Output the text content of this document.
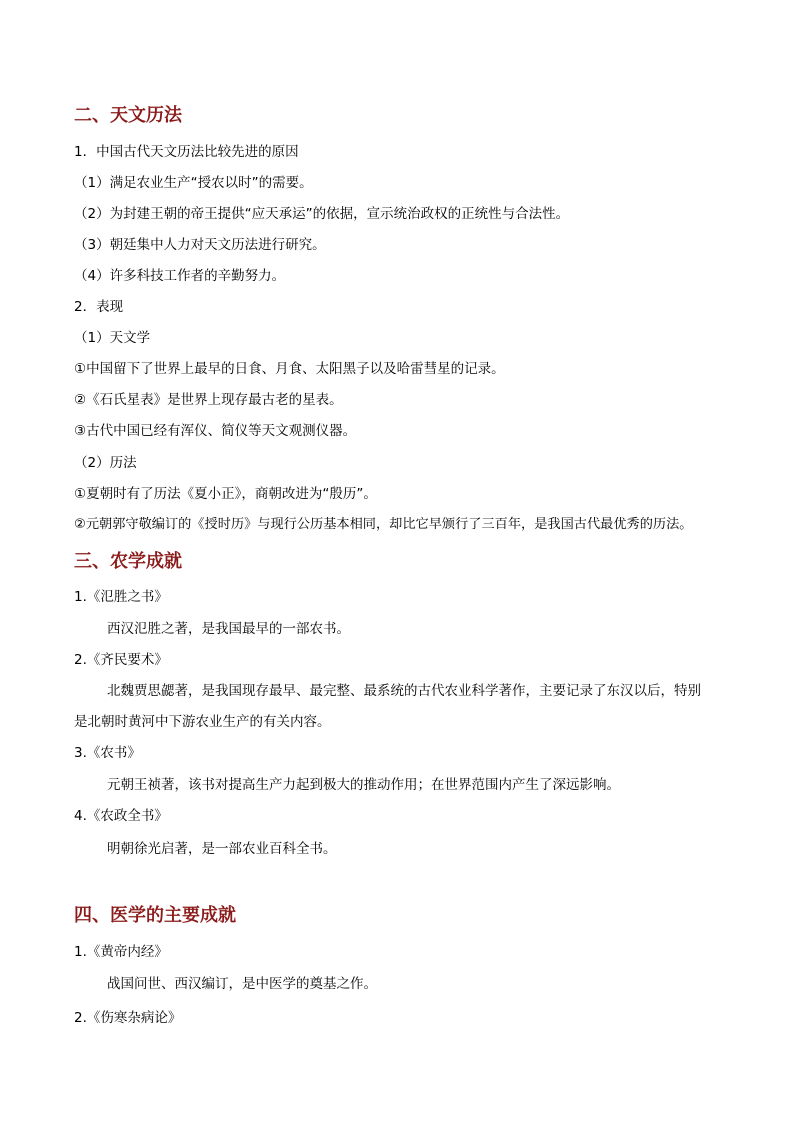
二、天文历法
1．中国古代天文历法比较先进的原因
（1）满足农业生产“授农以时”的需要。
（2）为封建王朝的帝王提供“应天承运”的依据，宣示统治政权的正统性与合法性。
（3）朝廷集中人力对天文历法进行研究。
（4）许多科技工作者的辛勤努力。
2．表现
（1）天文学
①中国留下了世界上最早的日食、月食、太阳黑子以及哈雷彗星的记录。
②《石氏星表》是世界上现存最古老的星表。
③古代中国已经有浑仪、简仪等天文观测仪器。
（2）历法
①夏朝时有了历法《夏小正》，商朝改进为“殷历”。
②元朝郭守敬编订的《授时历》与现行公历基本相同，却比它早颁行了三百年，是我国古代最优秀的历法。
三、农学成就
1.《氾胜之书》
西汉氾胜之著，是我国最早的一部农书。
2.《齐民要术》
北魏贾思勰著，是我国现存最早、最完整、最系统的古代农业科学著作，主要记录了东汉以后，特别
是北朝时黄河中下游农业生产的有关内容。
3.《农书》
元朝王祯著，该书对提高生产力起到极大的推动作用；在世界范围内产生了深远影响。
4.《农政全书》
明朝徐光启著，是一部农业百科全书。
四、医学的主要成就
1.《黄帝内经》
战国问世、西汉编订，是中医学的奠基之作。
2.《伤寒杂病论》
